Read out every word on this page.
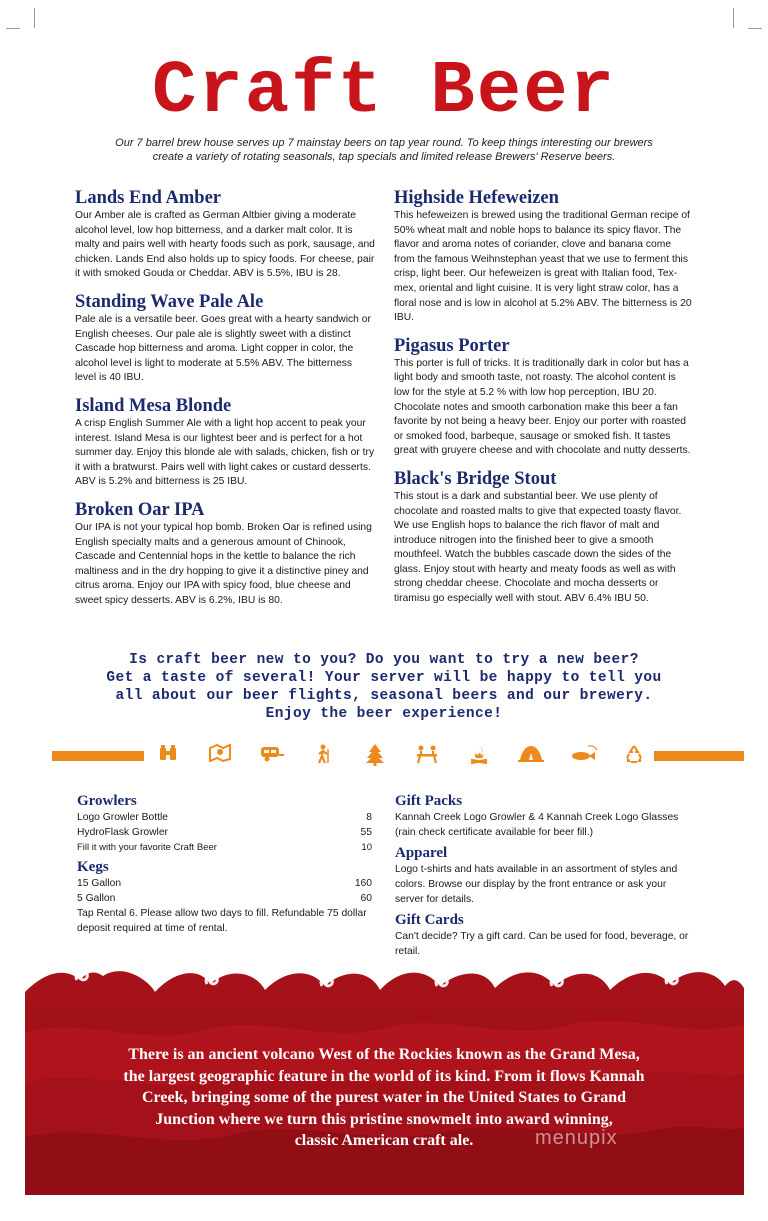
Craft Beer
Our 7 barrel brew house serves up 7 mainstay beers on tap year round. To keep things interesting our brewers
create a variety of rotating seasonals, tap specials and limited release Brewers' Reserve beers.
Lands End Amber

Our Amber ale is crafted as German Altbier giving a moderate alcohol level, low hop bitterness, and a darker malt color. It is malty and pairs well with hearty foods such as pork, sausage, and chicken. Lands End also holds up to spicy foods. For cheese, pair it with smoked Gouda or Cheddar. ABV is 5.5%, IBU is 28.

Standing Wave Pale Ale

Pale ale is a versatile beer. Goes great with a hearty sandwich or English cheeses. Our pale ale is slightly sweet with a distinct Cascade hop bitterness and aroma. Light copper in color, the alcohol level is light to moderate at 5.5% ABV. The bitterness level is 40 IBU.

Island Mesa Blonde

A crisp English Summer Ale with a light hop accent to peak your interest. Island Mesa is our lightest beer and is perfect for a hot summer day. Enjoy this blonde ale with salads, chicken, fish or try it with a bratwurst. Pairs well with light cakes or custard desserts. ABV is 5.2% and bitterness is 25 IBU.

Broken Oar IPA

Our IPA is not your typical hop bomb. Broken Oar is refined using English specialty malts and a generous amount of Chinook, Cascade and Centennial hops in the kettle to balance the rich maltiness and in the dry hopping to give it a distinctive piney and citrus aroma. Enjoy our IPA with spicy food, blue cheese and sweet spicy desserts. ABV is 6.2%, IBU is 80.

Highside Hefeweizen

This hefeweizen is brewed using the traditional German recipe of 50% wheat malt and noble hops to balance its spicy flavor. The flavor and aroma notes of coriander, clove and banana come from the famous Weihnstephan yeast that we use to ferment this crisp, light beer. Our hefeweizen is great with Italian food, Tex-mex, oriental and light cuisine. It is very light straw color, has a floral nose and is low in alcohol at 5.2% ABV. The bitterness is 20 IBU.

Pigasus Porter

This porter is full of tricks. It is traditionally dark in color but has a light body and smooth taste, not roasty. The alcohol content is low for the style at 5.2 % with low hop perception, IBU 20. Chocolate notes and smooth carbonation make this beer a fan favorite by not being a heavy beer. Enjoy our porter with roasted or smoked food, barbeque, sausage or smoked fish. It tastes great with gruyere cheese and with chocolate and nutty desserts.

Black's Bridge Stout

This stout is a dark and substantial beer. We use plenty of chocolate and roasted malts to give that expected toasty flavor. We use English hops to balance the rich flavor of malt and introduce nitrogen into the finished beer to give a smooth mouthfeel. Watch the bubbles cascade down the sides of the glass. Enjoy stout with hearty and meaty foods as well as with strong cheddar cheese. Chocolate and mocha desserts or tiramisu go especially well with stout. ABV 6.4% IBU 50.

Is craft beer new to you? Do you want to try a new beer?
Get a taste of several! Your server will be happy to tell you
all about our beer flights, seasonal beers and our brewery.
Enjoy the beer experience!
Growlers
Logo Growler Bottle	8
HydroFlask Growler	55
Fill it with your favorite Craft Beer	10
Kegs
15 Gallon	160
5 Gallon	60

Tap Rental 6. Please allow two days to fill. Refundable 75 dollar deposit required at time of rental.

Gift Packs

Kannah Creek Logo Growler & 4 Kannah Creek Logo Glasses (rain check certificate available for beer fill.)

Apparel

Logo t-shirts and hats available in an assortment of styles and colors. Browse our display by the front entrance or ask your server for details.

Gift Cards

Can't decide? Try a gift card. Can be used for food, beverage, or retail.

There is an ancient volcano West of the Rockies known as the Grand Mesa,
the largest geographic feature in the world of its kind. From it flows Kannah
Creek, bringing some of the purest water in the United States to Grand
Junction where we turn this pristine snowmelt into award winning,
classic American craft ale.	menupix
